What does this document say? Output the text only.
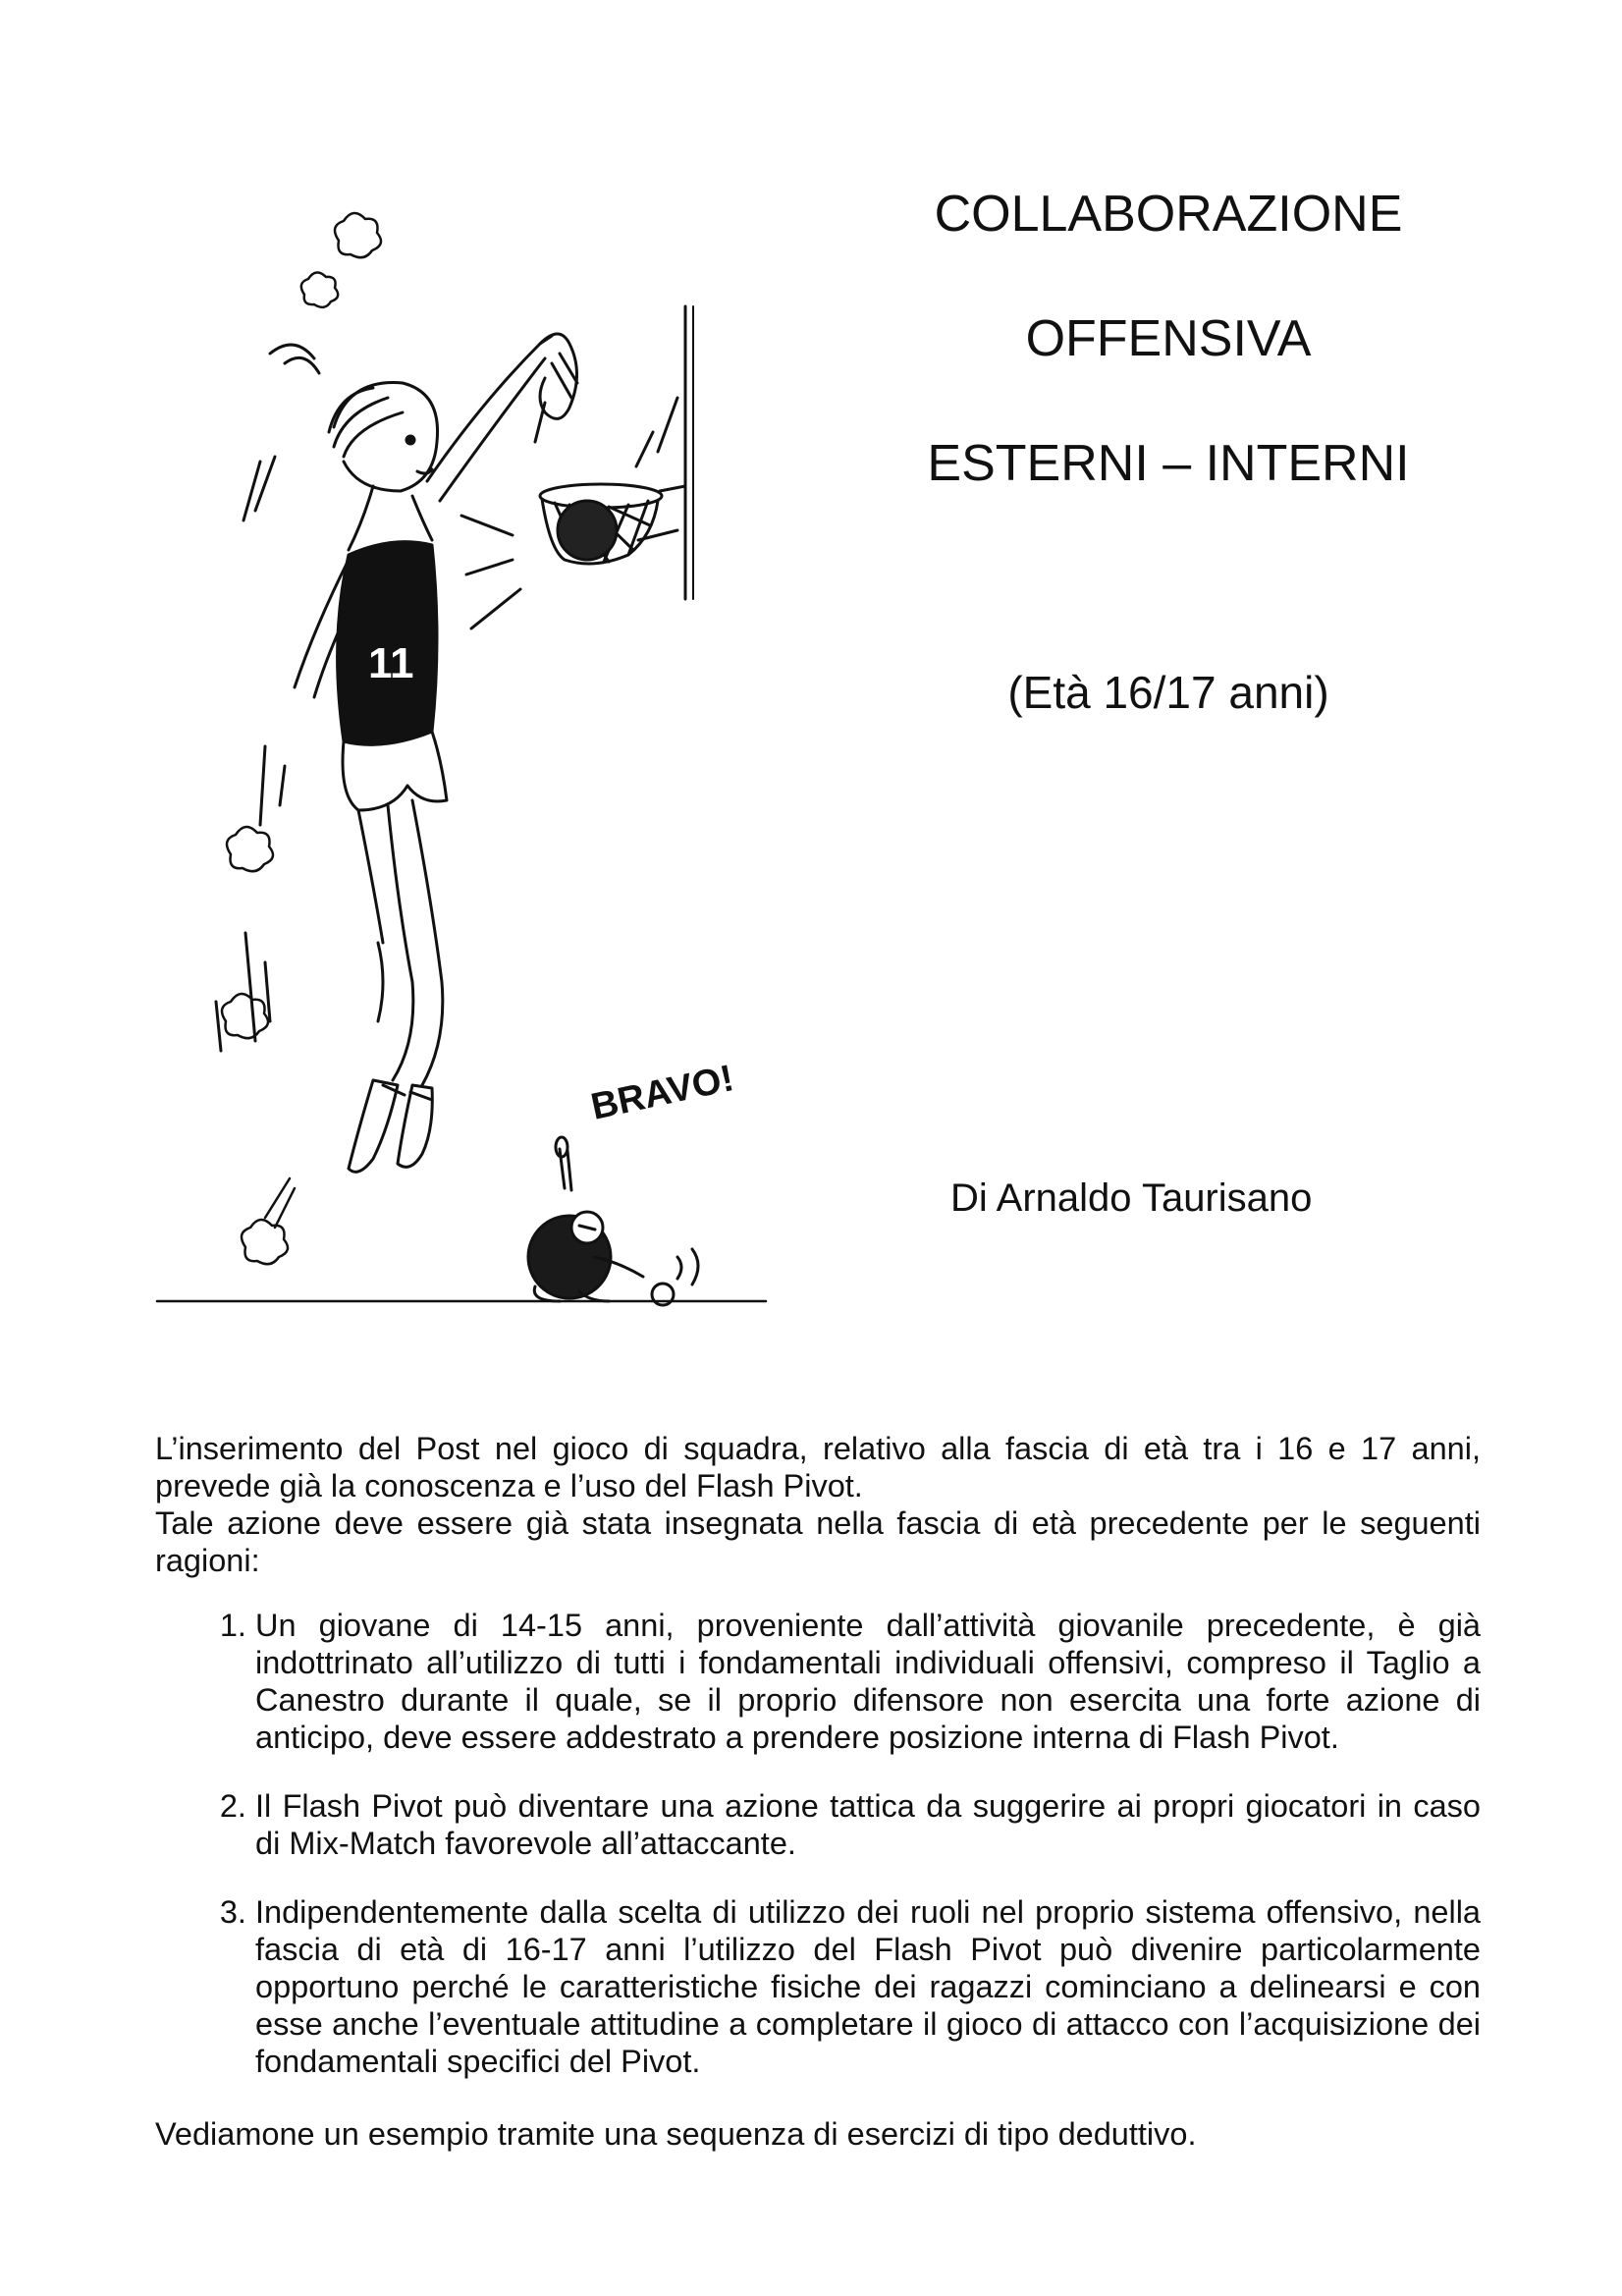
11
BRAVO!
COLLABORAZIONE
OFFENSIVA
ESTERNI – INTERNI
(Età 16/17 anni)
Di Arnaldo Taurisano

L’inserimento del Post nel gioco di squadra, relativo alla fascia di età tra i 16 e 17 anni, prevede già la conoscenza e l’uso del Flash Pivot.

Tale azione deve essere già stata insegnata nella fascia di età precedente per le seguenti ragioni:

1. Un giovane di 14-15 anni, proveniente dall’attività giovanile precedente, è già indottrinato all’utilizzo di tutti i fondamentali individuali offensivi, compreso il Taglio a Canestro durante il quale, se il proprio difensore non esercita una forte azione di anticipo, deve essere addestrato a prendere posizione interna di Flash Pivot.
2. Il Flash Pivot può diventare una azione tattica da suggerire ai propri giocatori in caso di Mix-Match favorevole all’attaccante.
3. Indipendentemente dalla scelta di utilizzo dei ruoli nel proprio sistema offensivo, nella fascia di età di 16-17 anni l’utilizzo del Flash Pivot può divenire particolarmente opportuno perché le caratteristiche fisiche dei ragazzi cominciano a delinearsi e con esse anche l’eventuale attitudine a completare il gioco di attacco con l’acquisizione dei fondamentali specifici del Pivot.

Vediamone un esempio tramite una sequenza di esercizi di tipo deduttivo.
